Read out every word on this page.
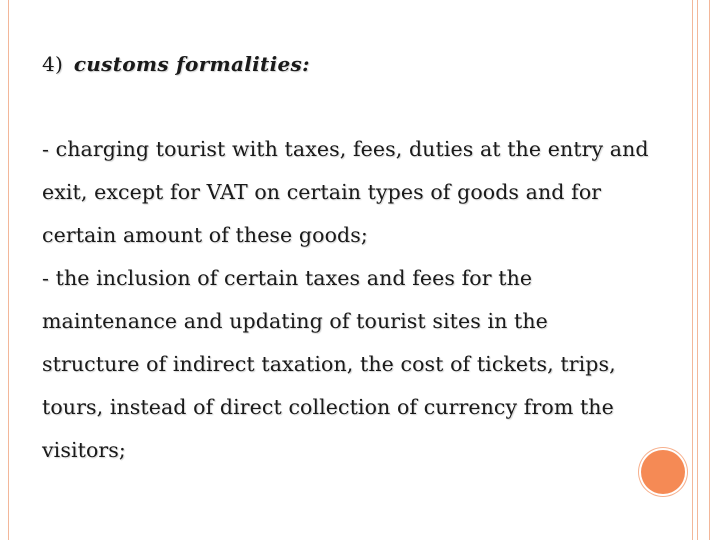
4) customs formalities:

- charging tourist with taxes, fees, duties at the entry and exit, except for VAT on certain types of goods and for certain amount of these goods;

- the inclusion of certain taxes and fees for the maintenance and updating of tourist sites in the structure of indirect taxation, the cost of tickets, trips, tours, instead of direct collection of currency from the visitors;
